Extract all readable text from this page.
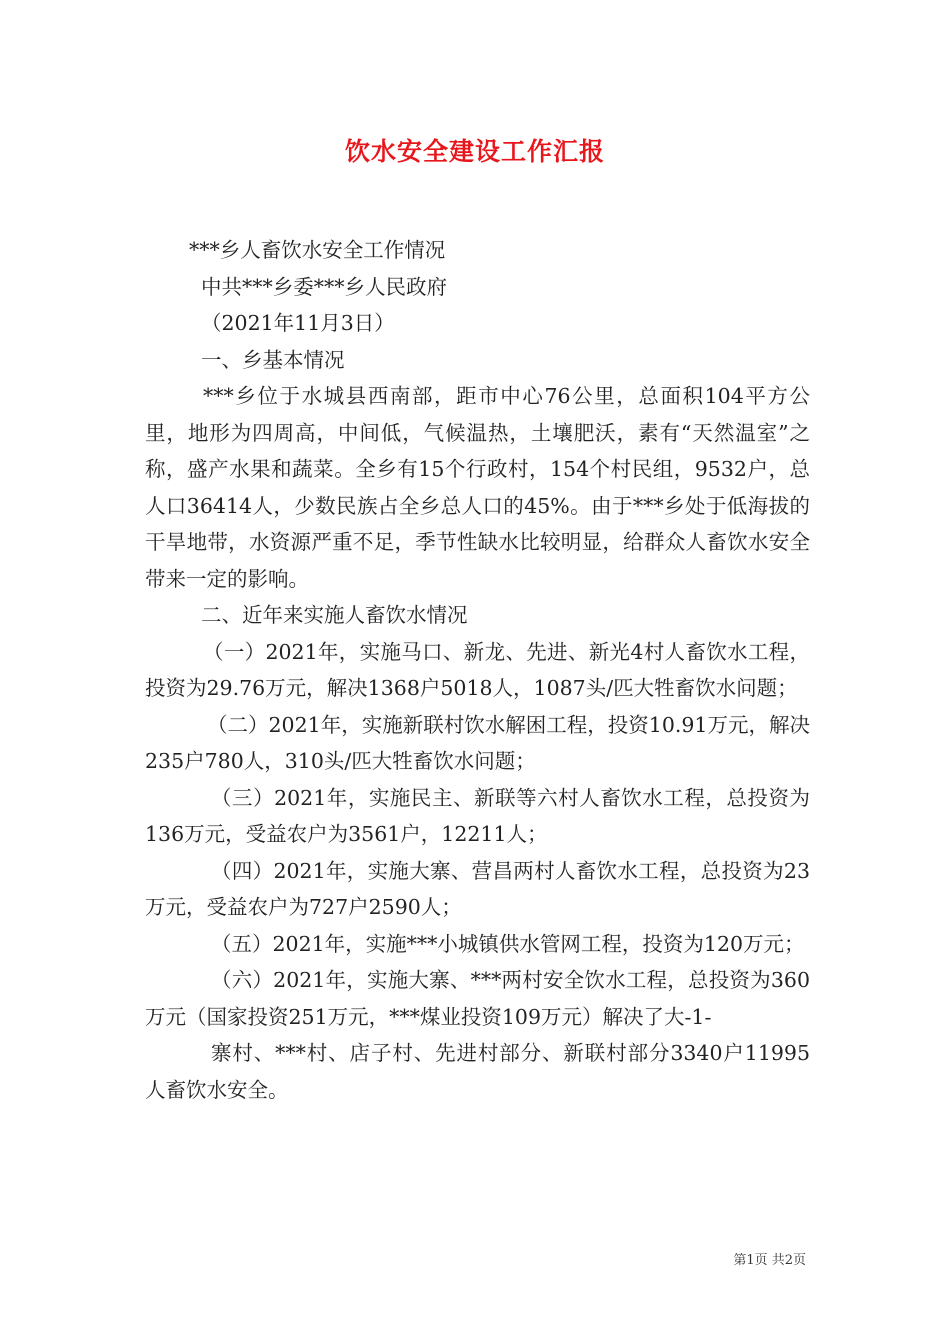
饮水安全建设工作汇报

***乡人畜饮水安全工作情况

中共***乡委***乡人民政府

（2021年11月3日）

一、乡基本情况

***乡位于水城县西南部，距市中心76公里，总面积104平方公里，地形为四周高，中间低，气候温热，土壤肥沃，素有“天然温室”之称，盛产水果和蔬菜。全乡有15个行政村，154个村民组，9532户，总人口36414人，少数民族占全乡总人口的45%。由于***乡处于低海拔的干旱地带，水资源严重不足，季节性缺水比较明显，给群众人畜饮水安全带来一定的影响。

二、近年来实施人畜饮水情况

（一）2021年，实施马口、新龙、先进、新光4村人畜饮水工程，投资为29.76万元，解决1368户5018人，1087头/匹大牲畜饮水问题；

（二）2021年，实施新联村饮水解困工程，投资10.91万元，解决235户780人，310头/匹大牲畜饮水问题；

（三）2021年，实施民主、新联等六村人畜饮水工程，总投资为136万元，受益农户为3561户，12211人；

（四）2021年，实施大寨、营昌两村人畜饮水工程，总投资为23万元，受益农户为727户2590人；

（五）2021年，实施***小城镇供水管网工程，投资为120万元；

（六）2021年，实施大寨、***两村安全饮水工程，总投资为360万元（国家投资251万元，***煤业投资109万元）解决了大-1-

寨村、***村、店子村、先进村部分、新联村部分3340户11995人畜饮水安全。

第1页 共2页
